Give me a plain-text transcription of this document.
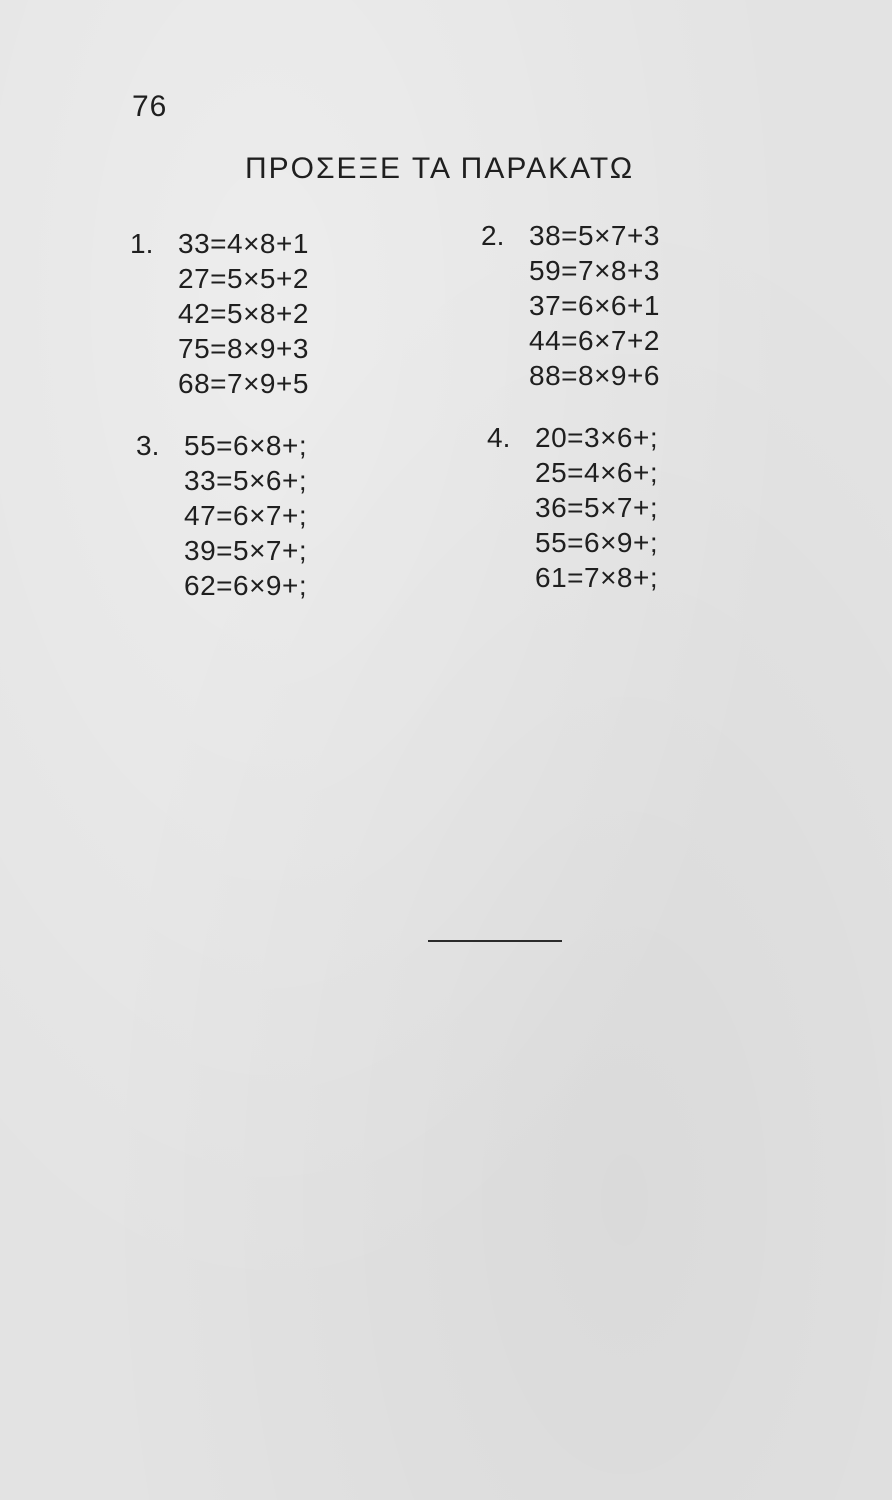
76
ΠΡΟΣΕΞΕ ΤΑ ΠΑΡΑΚΑΤΩ
1. 33=4×8+1
27=5×5+2
42=5×8+2
75=8×9+3
68=7×9+5
2. 38=5×7+3
59=7×8+3
37=6×6+1
44=6×7+2
88=8×9+6
3. 55=6×8+;
33=5×6+;
47=6×7+;
39=5×7+;
62=6×9+;
4. 20=3×6+;
25=4×6+;
36=5×7+;
55=6×9+;
61=7×8+;
